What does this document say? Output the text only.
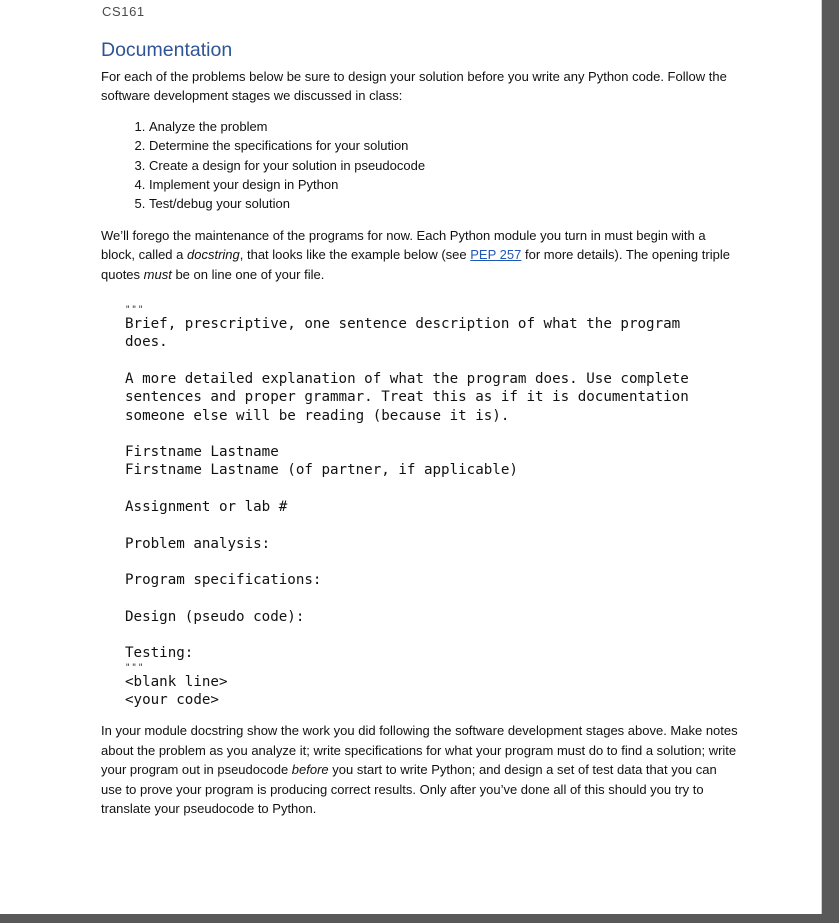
CS161
Documentation

For each of the problems below be sure to design your solution before you write any Python code. Follow the software development stages we discussed in class:

1. Analyze the problem
2. Determine the specifications for your solution
3. Create a design for your solution in pseudocode
4. Implement your design in Python
5. Test/debug your solution

We’ll forego the maintenance of the programs for now. Each Python module you turn in must begin with a block, called a docstring, that looks like the example below (see PEP 257 for more details). The opening triple quotes must be on line one of your file.

"""
Brief, prescriptive, one sentence description of what the program
does.
A more detailed explanation of what the program does. Use complete
sentences and proper grammar. Treat this as if it is documentation
someone else will be reading (because it is).
Firstname Lastname
Firstname Lastname (of partner, if applicable)
Assignment or lab #
Problem analysis:
Program specifications:
Design (pseudo code):
Testing:
"""
<blank line>
<your code>

In your module docstring show the work you did following the software development stages above. Make notes about the problem as you analyze it; write specifications for what your program must do to find a solution; write your program out in pseudocode before you start to write Python; and design a set of test data that you can use to prove your program is producing correct results. Only after you’ve done all of this should you try to translate your pseudocode to Python.
